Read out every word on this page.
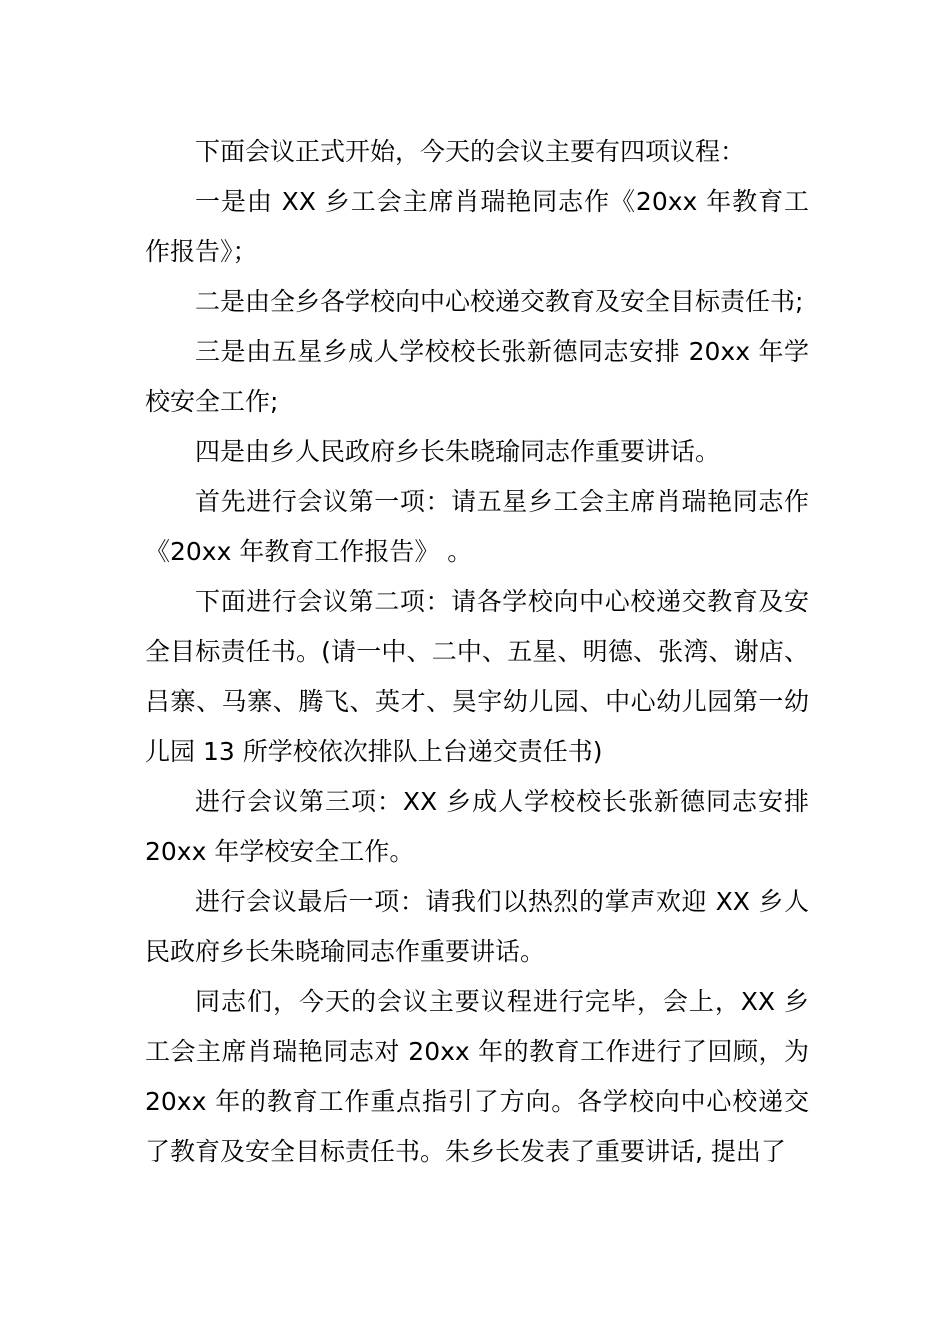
下面会议正式开始，今天的会议主要有四项议程：

一是由 XX 乡工会主席肖瑞艳同志作《20xx 年教育工作报告》；

二是由全乡各学校向中心校递交教育及安全目标责任书;

三是由五星乡成人学校校长张新德同志安排 20xx 年学校安全工作;

四是由乡人民政府乡长朱晓瑜同志作重要讲话。

首先进行会议第一项：请五星乡工会主席肖瑞艳同志作《20xx 年教育工作报告》 。

下面进行会议第二项：请各学校向中心校递交教育及安全目标责任书。(请一中、二中、五星、明德、张湾、谢店、吕寨、马寨、腾飞、英才、昊宇幼儿园、中心幼儿园第一幼儿园 13 所学校依次排队上台递交责任书)

进行会议第三项：XX 乡成人学校校长张新德同志安排 20xx 年学校安全工作。

进行会议最后一项：请我们以热烈的掌声欢迎 XX 乡人民政府乡长朱晓瑜同志作重要讲话。

同志们，今天的会议主要议程进行完毕，会上，XX 乡工会主席肖瑞艳同志对 20xx 年的教育工作进行了回顾，为 20xx 年的教育工作重点指引了方向。各学校向中心校递交了教育及安全目标责任书。朱乡长发表了重要讲话, 提出了
